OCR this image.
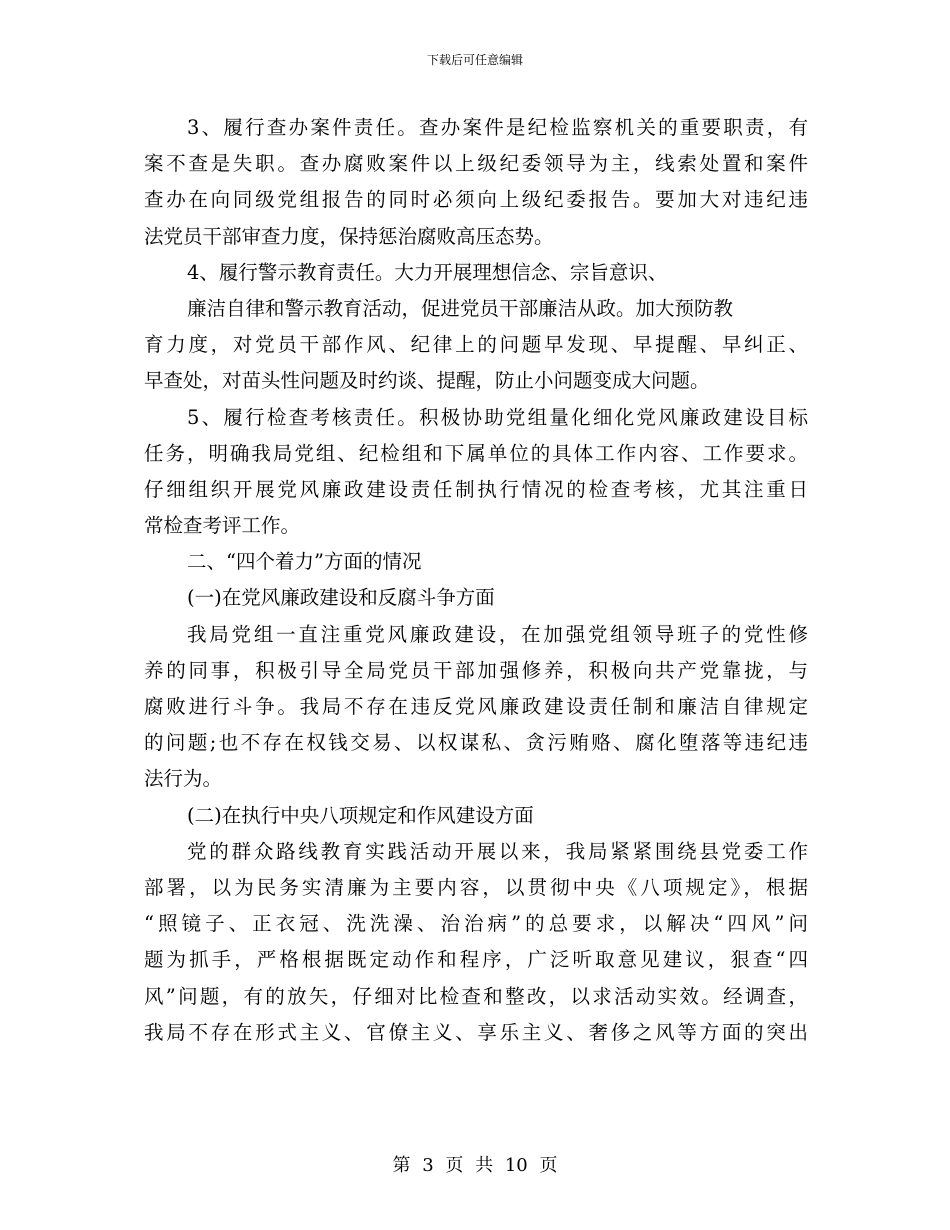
下载后可任意编辑
3、履行查办案件责任。查办案件是纪检监察机关的重要职责，有
案不查是失职。查办腐败案件以上级纪委领导为主，线索处置和案件
查办在向同级党组报告的同时必须向上级纪委报告。要加大对违纪违
法党员干部审查力度，保持惩治腐败高压态势。
4、履行警示教育责任。大力开展理想信念、宗旨意识、
廉洁自律和警示教育活动，促进党员干部廉洁从政。加大预防教
育力度，对党员干部作风、纪律上的问题早发现、早提醒、早纠正、
早查处，对苗头性问题及时约谈、提醒，防止小问题变成大问题。
5、履行检查考核责任。积极协助党组量化细化党风廉政建设目标
任务，明确我局党组、纪检组和下属单位的具体工作内容、工作要求。
仔细组织开展党风廉政建设责任制执行情况的检查考核，尤其注重日
常检查考评工作。
二、“四个着力”方面的情况
(一)在党风廉政建设和反腐斗争方面
我局党组一直注重党风廉政建设，在加强党组领导班子的党性修
养的同事，积极引导全局党员干部加强修养，积极向共产党靠拢，与
腐败进行斗争。我局不存在违反党风廉政建设责任制和廉洁自律规定
的问题;也不存在权钱交易、以权谋私、贪污贿赂、腐化堕落等违纪违
法行为。
(二)在执行中央八项规定和作风建设方面
党的群众路线教育实践活动开展以来，我局紧紧围绕县党委工作
部署，以为民务实清廉为主要内容，以贯彻中央《八项规定》，根据
“照镜子、正衣冠、洗洗澡、治治病”的总要求，以解决“四风”问
题为抓手，严格根据既定动作和程序，广泛听取意见建议，狠查“四
风”问题，有的放矢，仔细对比检查和整改，以求活动实效。经调查，
我局不存在形式主义、官僚主义、享乐主义、奢侈之风等方面的突出
第 3 页 共 10 页
